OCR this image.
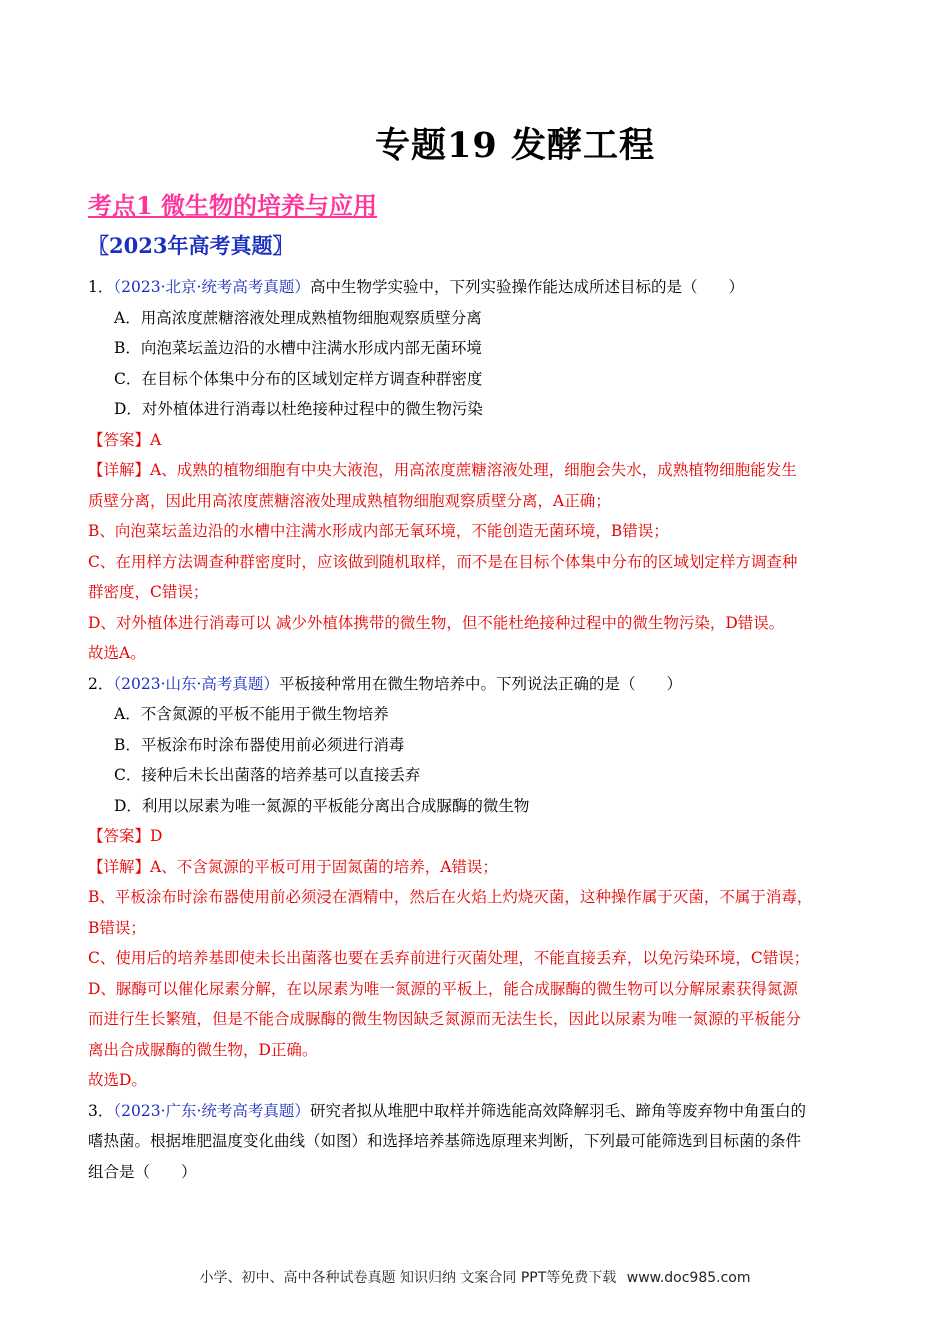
专题19 发酵工程
考点1 微生物的培养与应用
〖2023年高考真题〗
1．（2023·北京·统考高考真题）高中生物学实验中，下列实验操作能达成所述目标的是（　　）
A．用高浓度蔗糖溶液处理成熟植物细胞观察质壁分离
B．向泡菜坛盖边沿的水槽中注满水形成内部无菌环境
C．在目标个体集中分布的区域划定样方调查种群密度
D．对外植体进行消毒以杜绝接种过程中的微生物污染
【答案】A
【详解】A、成熟的植物细胞有中央大液泡，用高浓度蔗糖溶液处理，细胞会失水，成熟植物细胞能发生
质壁分离，因此用高浓度蔗糖溶液处理成熟植物细胞观察质壁分离，A正确；
B、向泡菜坛盖边沿的水槽中注满水形成内部无氧环境，不能创造无菌环境，B错误；
C、在用样方法调查种群密度时，应该做到随机取样，而不是在目标个体集中分布的区域划定样方调查种
群密度，C错误；
D、对外植体进行消毒可以 减少外植体携带的微生物，但不能杜绝接种过程中的微生物污染，D错误。
故选A。
2．（2023·山东·高考真题）平板接种常用在微生物培养中。下列说法正确的是（　　）
A．不含氮源的平板不能用于微生物培养
B．平板涂布时涂布器使用前必须进行消毒
C．接种后未长出菌落的培养基可以直接丢弃
D．利用以尿素为唯一氮源的平板能分离出合成脲酶的微生物
【答案】D
【详解】A、不含氮源的平板可用于固氮菌的培养，A错误；
B、平板涂布时涂布器使用前必须浸在酒精中，然后在火焰上灼烧灭菌，这种操作属于灭菌，不属于消毒，
B错误；
C、使用后的培养基即使未长出菌落也要在丢弃前进行灭菌处理，不能直接丢弃，以免污染环境，C错误；
D、脲酶可以催化尿素分解，在以尿素为唯一氮源的平板上，能合成脲酶的微生物可以分解尿素获得氮源
而进行生长繁殖，但是不能合成脲酶的微生物因缺乏氮源而无法生长，因此以尿素为唯一氮源的平板能分
离出合成脲酶的微生物，D正确。
故选D。
3．（2023·广东·统考高考真题）研究者拟从堆肥中取样并筛选能高效降解羽毛、蹄角等废弃物中角蛋白的
嗜热菌。根据堆肥温度变化曲线（如图）和选择培养基筛选原理来判断，下列最可能筛选到目标菌的条件
组合是（　　）
小学、初中、高中各种试卷真题 知识归纳 文案合同 PPT等免费下载 www.doc985.com
